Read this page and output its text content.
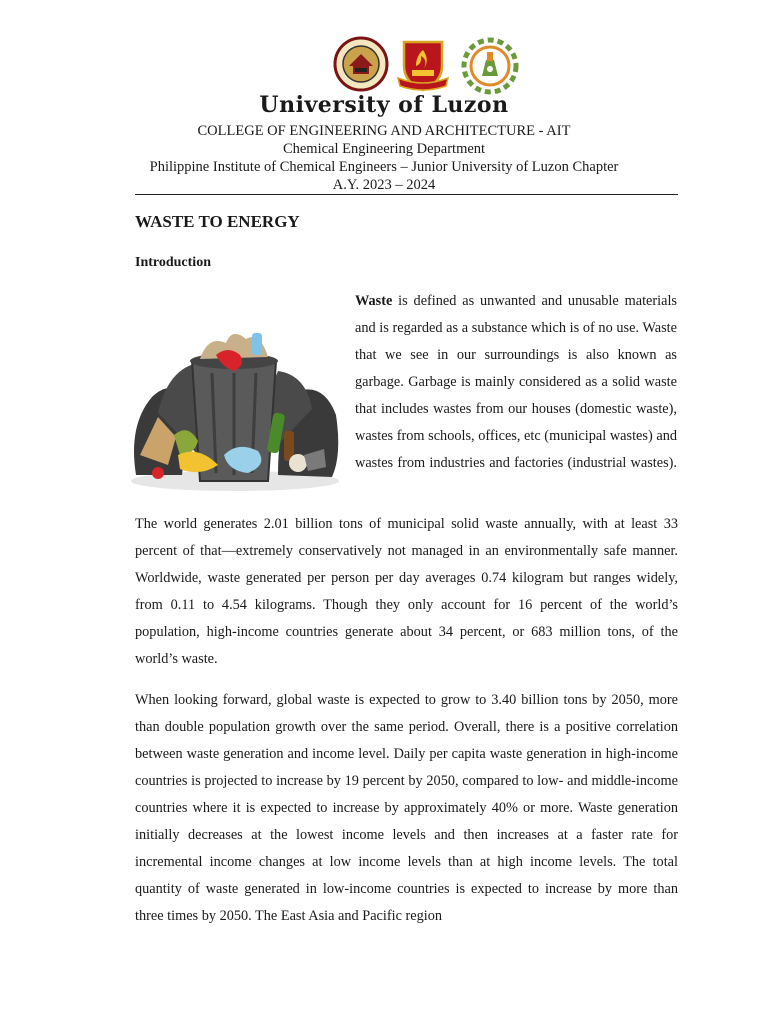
University of Luzon
COLLEGE OF ENGINEERING AND ARCHITECTURE - AIT
Chemical Engineering Department
Philippine Institute of Chemical Engineers – Junior University of Luzon Chapter
A.Y. 2023 – 2024
WASTE TO ENERGY
Introduction
Waste is defined as unwanted and unusable materials and is regarded as a substance which is of no use. Waste that we see in our surroundings is also known as garbage. Garbage is mainly considered as a solid waste that includes wastes from our houses (domestic waste), wastes from schools, offices, etc (municipal wastes) and wastes from industries and factories (industrial wastes).
The world generates 2.01 billion tons of municipal solid waste annually, with at least 33 percent of that—extremely conservatively not managed in an environmentally safe manner. Worldwide, waste generated per person per day averages 0.74 kilogram but ranges widely, from 0.11 to 4.54 kilograms. Though they only account for 16 percent of the world’s population, high-income countries generate about 34 percent, or 683 million tons, of the world’s waste.
When looking forward, global waste is expected to grow to 3.40 billion tons by 2050, more than double population growth over the same period. Overall, there is a positive correlation between waste generation and income level. Daily per capita waste generation in high-income countries is projected to increase by 19 percent by 2050, compared to low- and middle-income countries where it is expected to increase by approximately 40% or more. Waste generation initially decreases at the lowest income levels and then increases at a faster rate for incremental income changes at low income levels than at high income levels. The total quantity of waste generated in low-income countries is expected to increase by more than three times by 2050. The East Asia and Pacific region
